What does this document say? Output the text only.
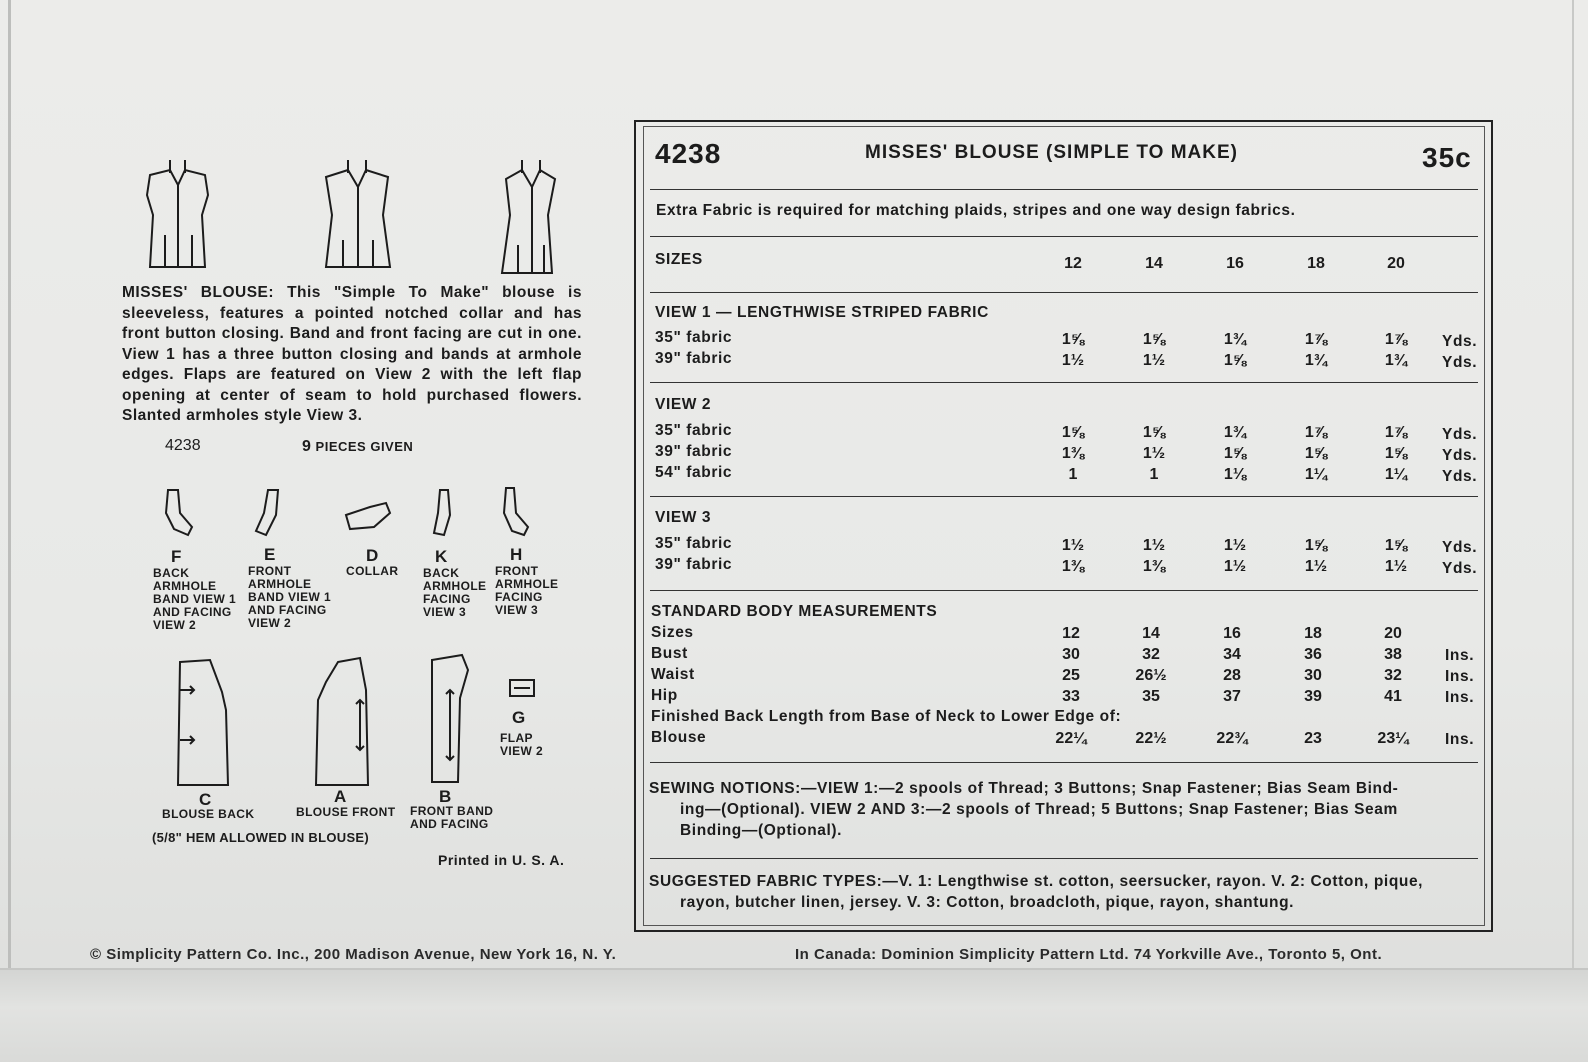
MISSES' BLOUSE: This "Simple To Make" blouse is sleeveless, features a pointed notched collar and has front button closing. Band and front facing are cut in one. View 1 has a three button closing and bands at armhole edges. Flaps are featured on View 2 with the left flap opening at center of seam to hold purchased flowers. Slanted armholes style View 3.
4238	9 PIECES GIVEN
F
BACK
ARMHOLE
BAND VIEW 1
AND FACING
VIEW 2
E
FRONT
ARMHOLE
BAND VIEW 1
AND FACING
VIEW 2
D
COLLAR
K
BACK
ARMHOLE
FACING
VIEW 3
H
FRONT
ARMHOLE
FACING
VIEW 3
C
BLOUSE BACK
A
BLOUSE FRONT
B
FRONT BAND
AND FACING
G
FLAP
VIEW 2
(5/8" HEM ALLOWED IN BLOUSE)
Printed in U. S. A.
4238	MISSES' BLOUSE (SIMPLE TO MAKE)	35c
Extra Fabric is required for matching plaids, stripes and one way design fabrics.
SIZES	12	14	16	18	20
VIEW 1 — LENGTHWISE STRIPED FABRIC
35" fabric	1⅝	1⅝	1¾	1⅞	1⅞	Yds.
39" fabric	1½	1½	1⅝	1¾	1¾	Yds.
VIEW 2
35" fabric	1⅝	1⅝	1¾	1⅞	1⅞	Yds.
39" fabric	1⅜	1½	1⅝	1⅝	1⅝	Yds.
54" fabric	1	1	1⅛	1¼	1¼	Yds.
VIEW 3
35" fabric	1½	1½	1½	1⅝	1⅝	Yds.
39" fabric	1⅜	1⅜	1½	1½	1½	Yds.
STANDARD BODY MEASUREMENTS
Sizes	12	14	16	18	20
Bust	30	32	34	36	38	Ins.
Waist	25	26½	28	30	32	Ins.
Hip	33	35	37	39	41	Ins.
Finished Back Length from Base of Neck to Lower Edge of:
Blouse	22¼	22½	22¾	23	23¼	Ins.
SEWING NOTIONS:—VIEW 1:—2 spools of Thread; 3 Buttons; Snap Fastener; Bias Seam Bind-
ing—(Optional). VIEW 2 AND 3:—2 spools of Thread; 5 Buttons; Snap Fastener; Bias Seam
Binding—(Optional).
SUGGESTED FABRIC TYPES:—V. 1: Lengthwise st. cotton, seersucker, rayon. V. 2: Cotton, pique,
rayon, butcher linen, jersey. V. 3: Cotton, broadcloth, pique, rayon, shantung.
© Simplicity Pattern Co. Inc., 200 Madison Avenue, New York 16, N. Y.	In Canada: Dominion Simplicity Pattern Ltd. 74 Yorkville Ave., Toronto 5, Ont.
